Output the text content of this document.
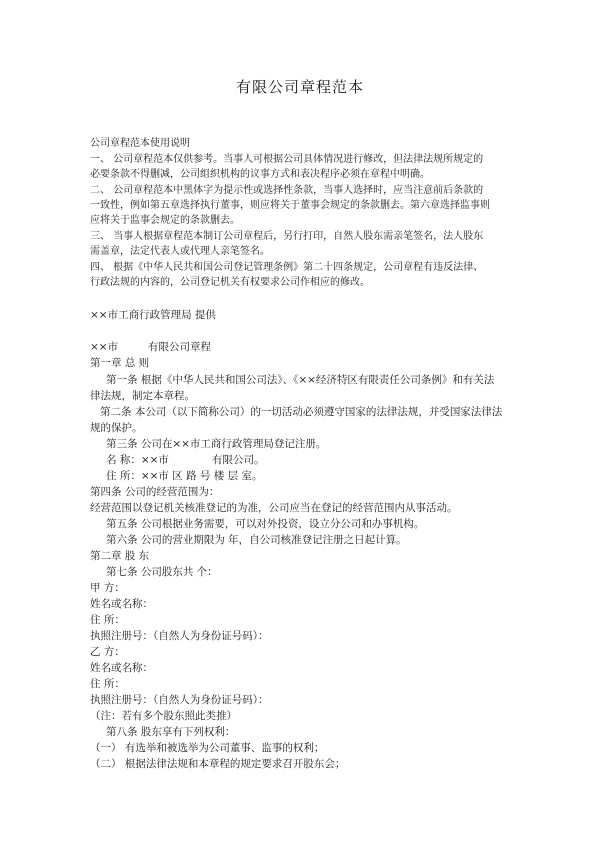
有限公司章程范本
公司章程范本使用说明
一、 公司章程范本仅供参考。当事人可根据公司具体情况进行修改，但法律法规所规定的
必要条款不得删减，公司组织机构的议事方式和表决程序必须在章程中明确。
二、 公司章程范本中黑体字为提示性或选择性条款，当事人选择时，应当注意前后条款的
一致性，例如第五章选择执行董事，则应将关于董事会规定的条款删去。第六章选择监事则
应将关于监事会规定的条款删去。
三、 当事人根据章程范本制订公司章程后，另行打印，自然人股东需亲笔签名，法人股东
需盖章，法定代表人或代理人亲笔签名。
四、 根据《中华人民共和国公司登记管理条例》第二十四条规定，公司章程有违反法律、
行政法规的内容的，公司登记机关有权要求公司作相应的修改。
××市工商行政管理局 提供
××市	有限公司章程
第一章 总 则
第一条 根据《中华人民共和国公司法》、《××经济特区有限责任公司条例》和有关法
律法规，制定本章程。
第二条 本公司（以下简称公司）的一切活动必须遵守国家的法律法规，并受国家法律法
规的保护。
第三条 公司在××市工商行政管理局登记注册。
名 称：××市	有限公司。
住 所：××市 区 路 号 楼 层 室。
第四条 公司的经营范围为：
经营范围以登记机关核准登记的为准，公司应当在登记的经营范围内从事活动。
第五条 公司根据业务需要，可以对外投资，设立分公司和办事机构。
第六条 公司的营业期限为 年，自公司核准登记注册之日起计算。
第二章 股 东
第七条 公司股东共 个：
甲 方：
姓名或名称：
住 所：
执照注册号：（自然人为身份证号码）：
乙 方：
姓名或名称：
住 所：
执照注册号：（自然人为身份证号码）：
（注：若有多个股东照此类推）
第八条 股东享有下列权利：
（一） 有选举和被选举为公司董事、监事的权利；
（二） 根据法律法规和本章程的规定要求召开股东会；
